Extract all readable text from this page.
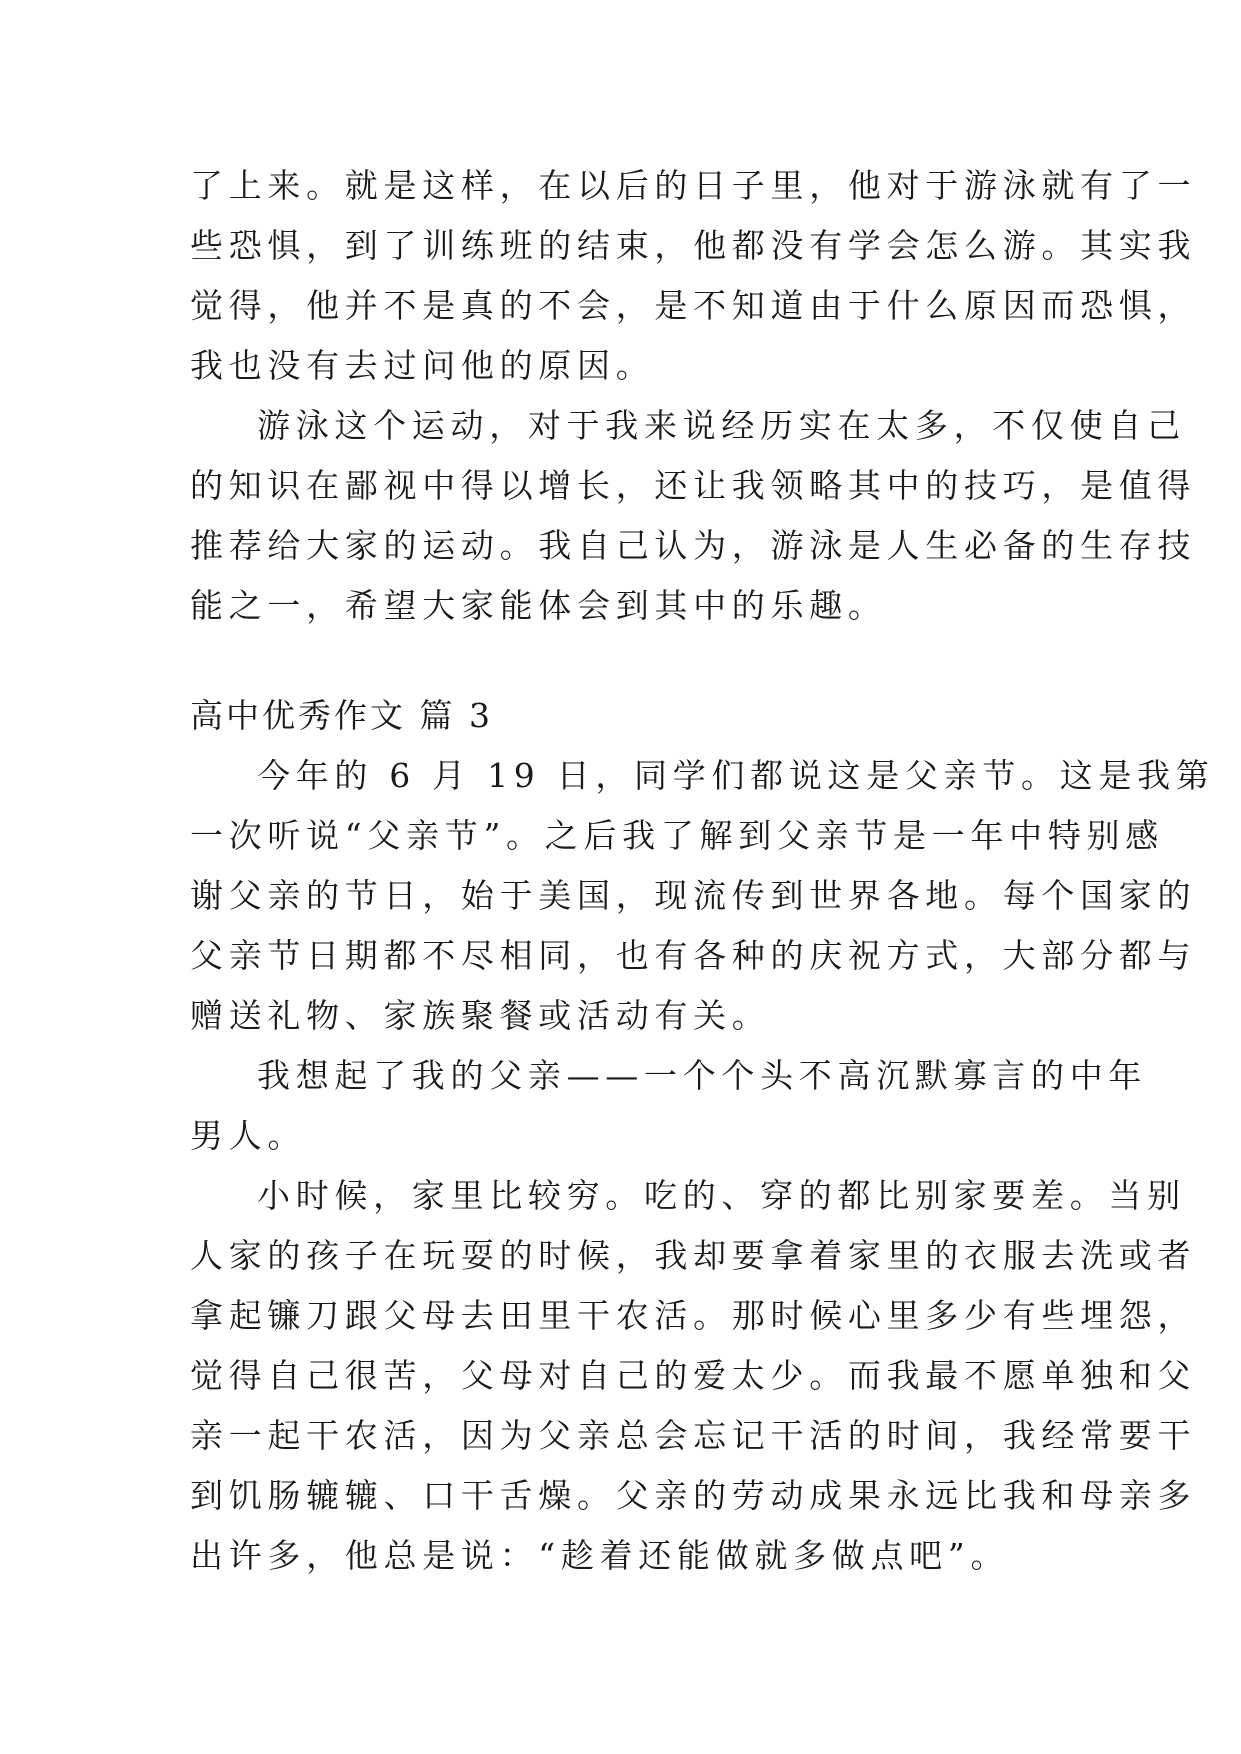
了上来。就是这样，在以后的日子里，他对于游泳就有了一
些恐惧，到了训练班的结束，他都没有学会怎么游。其实我
觉得，他并不是真的不会，是不知道由于什么原因而恐惧，
我也没有去过问他的原因。
游泳这个运动，对于我来说经历实在太多，不仅使自己
的知识在鄙视中得以增长，还让我领略其中的技巧，是值得
推荐给大家的运动。我自己认为，游泳是人生必备的生存技
能之一，希望大家能体会到其中的乐趣。
高中优秀作文 篇 3
今年的 6 月 19 日，同学们都说这是父亲节。这是我第
一次听说“父亲节”。之后我了解到父亲节是一年中特别感
谢父亲的节日，始于美国，现流传到世界各地。每个国家的
父亲节日期都不尽相同，也有各种的庆祝方式，大部分都与
赠送礼物、家族聚餐或活动有关。
我想起了我的父亲——一个个头不高沉默寡言的中年
男人。
小时候，家里比较穷。吃的、穿的都比别家要差。当别
人家的孩子在玩耍的时候，我却要拿着家里的衣服去洗或者
拿起镰刀跟父母去田里干农活。那时候心里多少有些埋怨，
觉得自己很苦，父母对自己的爱太少。而我最不愿单独和父
亲一起干农活，因为父亲总会忘记干活的时间，我经常要干
到饥肠辘辘、口干舌燥。父亲的劳动成果永远比我和母亲多
出许多，他总是说：“趁着还能做就多做点吧”。
